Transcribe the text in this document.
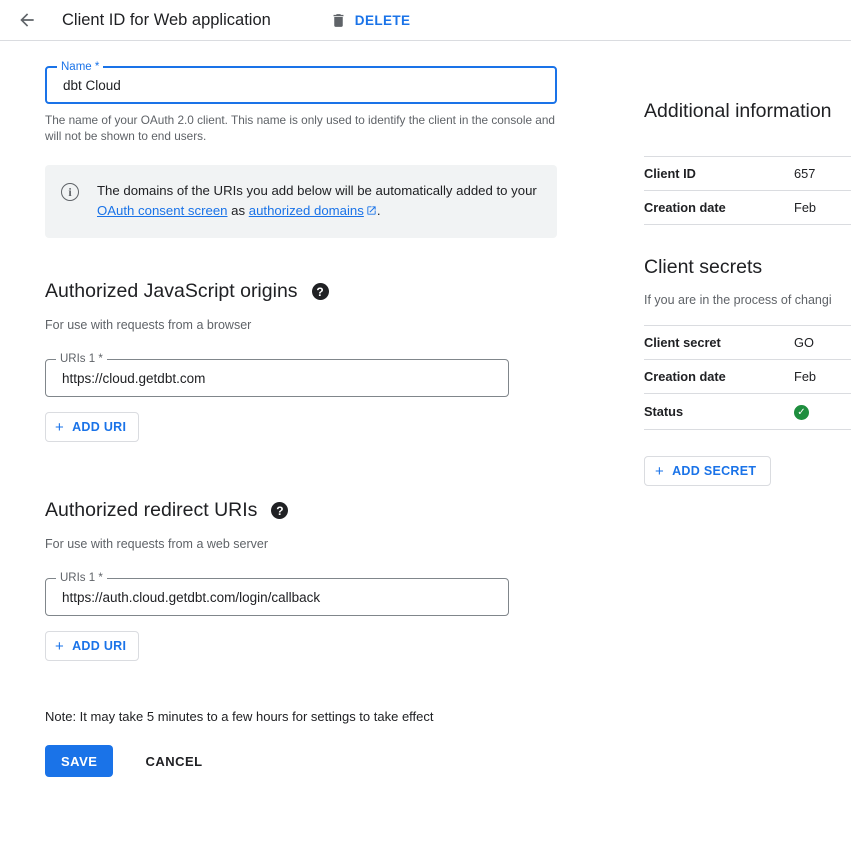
Client ID for Web application	DELETE
Name *
dbt Cloud
The name of your OAuth 2.0 client. This name is only used to identify the client in the console and will not be shown to end users.
i	The domains of the URIs you add below will be automatically added to your OAuth consent screen as authorized domains .
Authorized JavaScript origins	?
For use with requests from a browser
URIs 1 *
https://cloud.getdbt.com
+ ADD URI
Authorized redirect URIs	?
For use with requests from a web server
URIs 1 *
https://auth.cloud.getdbt.com/login/callback
+ ADD URI
Note: It may take 5 minutes to a few hours for settings to take effect
SAVE	CANCEL
Additional information
Client ID	657
Creation date	Feb
Client secrets
If you are in the process of changi
Client secret	GO
Creation date	Feb
Status	✓
+ ADD SECRET
